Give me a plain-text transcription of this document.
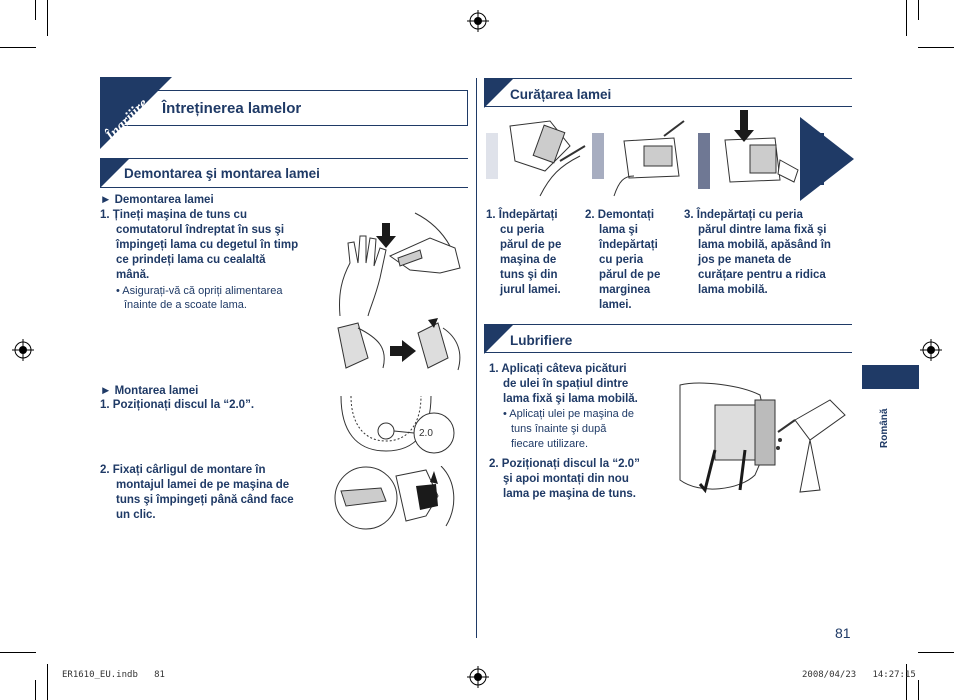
Îngrijire Întreținerea lamelor
Demontarea şi montarea lamei
► Demontarea lamei
1. Țineți maşina de tuns cu
comutatorul îndreptat în sus şi
împingeți lama cu degetul în timp
ce prindeți lama cu cealaltă
mână.
• Asigurați-vă că opriți alimentarea
înainte de a scoate lama.
► Montarea lamei
1. Poziționați discul la “2.0”.
2. Fixați cârligul de montare în
montajul lamei de pe maşina de
tuns şi împingeți până când face
un clic.
2.0
Curățarea lamei
1. Îndepărtați
cu peria
părul de pe
maşina de
tuns şi din
jurul lamei.
2. Demontați
lama şi
îndepărtați
cu peria
părul de pe
marginea
lamei.
3. Îndepărtați cu peria
părul dintre lama fixă şi
lama mobilă, apăsând în
jos pe maneta de
curățare pentru a ridica
lama mobilă.
Lubrifiere
1. Aplicați câteva picături
de ulei în spațiul dintre
lama fixă şi lama mobilă.
• Aplicați ulei pe maşina de
tuns înainte şi după
fiecare utilizare.
2. Poziționați discul la “2.0”
şi apoi montați din nou
lama pe maşina de tuns.
Română
81
ER1610_EU.indb   81	2008/04/23   14:27:15
